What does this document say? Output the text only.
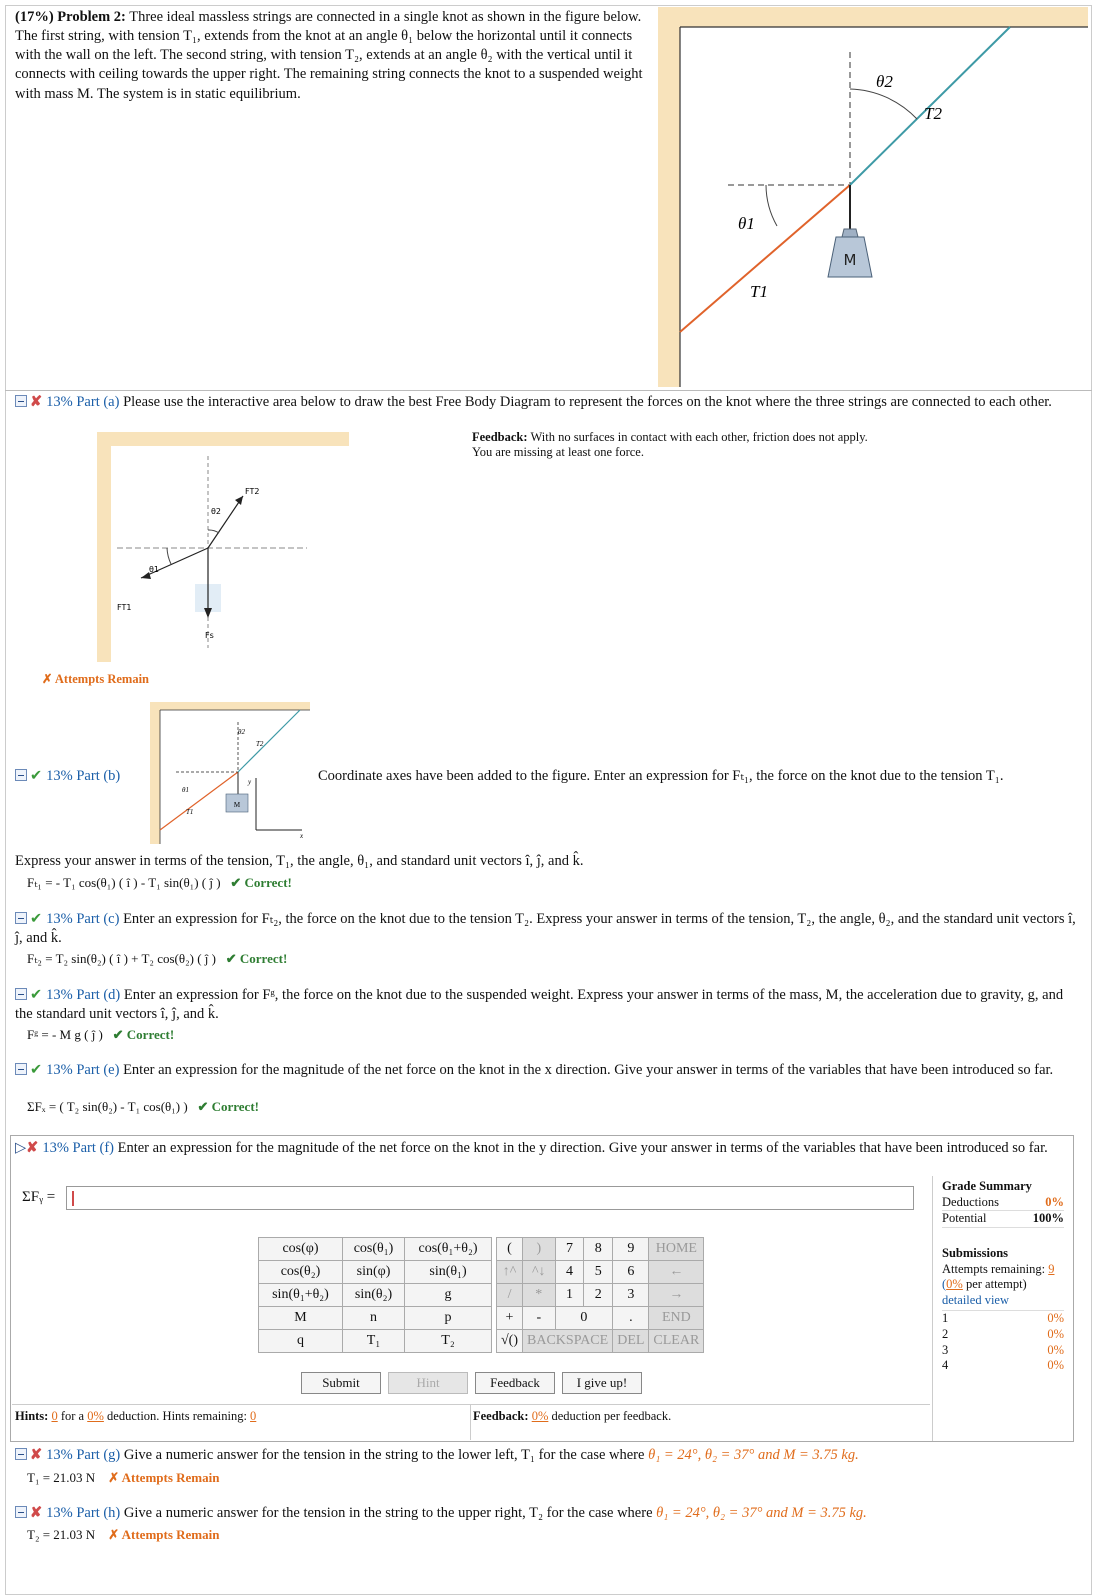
(17%) Problem 2: Three ideal massless strings are connected in a single knot as shown in the figure below. The first string, with tension T₁, extends from the knot at an angle θ₁ below the horizontal until it connects with the wall on the left. The second string, with tension T₂, extends at an angle θ₂ with the vertical until it connects with ceiling towards the upper right. The remaining string connects the knot to a suspended weight with mass M. The system is in static equilibrium.
M
θ1
θ2
T1
T2
✘ 13% Part (a) Please use the interactive area below to draw the best Free Body Diagram to represent the forces on the knot where the three strings are connected to each other.
Feedback: With no surfaces in contact with each other, friction does not apply.
You are missing at least one force.
FT2
FT1
Fs
θ1
θ2
✗ Attempts Remain
M
y
x
θ1
θ2
T1
T2
✔ 13% Part (b)	Coordinate axes have been added to the figure. Enter an expression for Fₜ₁, the force on the knot due to the tension T₁.
Express your answer in terms of the tension, T₁, the angle, θ₁, and standard unit vectors î, ĵ, and k̂.
Fₜ₁ = - T₁ cos(θ₁) ( î ) - T₁ sin(θ₁) ( ĵ ) ✔ Correct!
✔ 13% Part (c) Enter an expression for Fₜ₂, the force on the knot due to the tension T₂. Express your answer in terms of the tension, T₂, the angle, θ₂, and the standard unit vectors î, ĵ, and k̂.
Fₜ₂ = T₂ sin(θ₂) ( î ) + T₂ cos(θ₂) ( ĵ ) ✔ Correct!
✔ 13% Part (d) Enter an expression for Fᵍ, the force on the knot due to the suspended weight. Express your answer in terms of the mass, M, the acceleration due to gravity, g, and the standard unit vectors î, ĵ, and k̂.
Fᵍ = - M g ( ĵ ) ✔ Correct!
✔ 13% Part (e) Enter an expression for the magnitude of the net force on the knot in the x direction. Give your answer in terms of the variables that have been introduced so far.
ΣFₓ = ( T₂ sin(θ₂) - T₁ cos(θ₁) ) ✔ Correct!
▷✘ 13% Part (f) Enter an expression for the magnitude of the net force on the knot in the y direction. Give your answer in terms of the variables that have been introduced so far.
ΣFᵧ =
cos(φ)	cos(θ₁)	cos(θ₁+θ₂)
cos(θ₂)	sin(φ)	sin(θ₁)
sin(θ₁+θ₂)	sin(θ₂)	g
M	n	p
q	T₁	T₂
(	)	7	8	9	HOME
↑^	^↓	4	5	6	←
/	*	1	2	3	→
+	-	0		.	END
√()	BACKSPACE			DEL	CLEAR
Submit	Hint	Feedback	I give up!
Hints: 0 for a 0% deduction. Hints remaining: 0	Feedback: 0% deduction per feedback.
Grade Summary
Deductions	0%
Potential	100%
Submissions
Attempts remaining: 9
(0% per attempt)
detailed view
1	0%
2	0%
3	0%
4	0%
✘ 13% Part (g) Give a numeric answer for the tension in the string to the lower left, T₁ for the case where θ₁ = 24°, θ₂ = 37° and M = 3.75 kg.
T₁ = 21.03 N ✗ Attempts Remain
✘ 13% Part (h) Give a numeric answer for the tension in the string to the upper right, T₂ for the case where θ₁ = 24°, θ₂ = 37° and M = 3.75 kg.
T₂ = 21.03 N ✗ Attempts Remain
